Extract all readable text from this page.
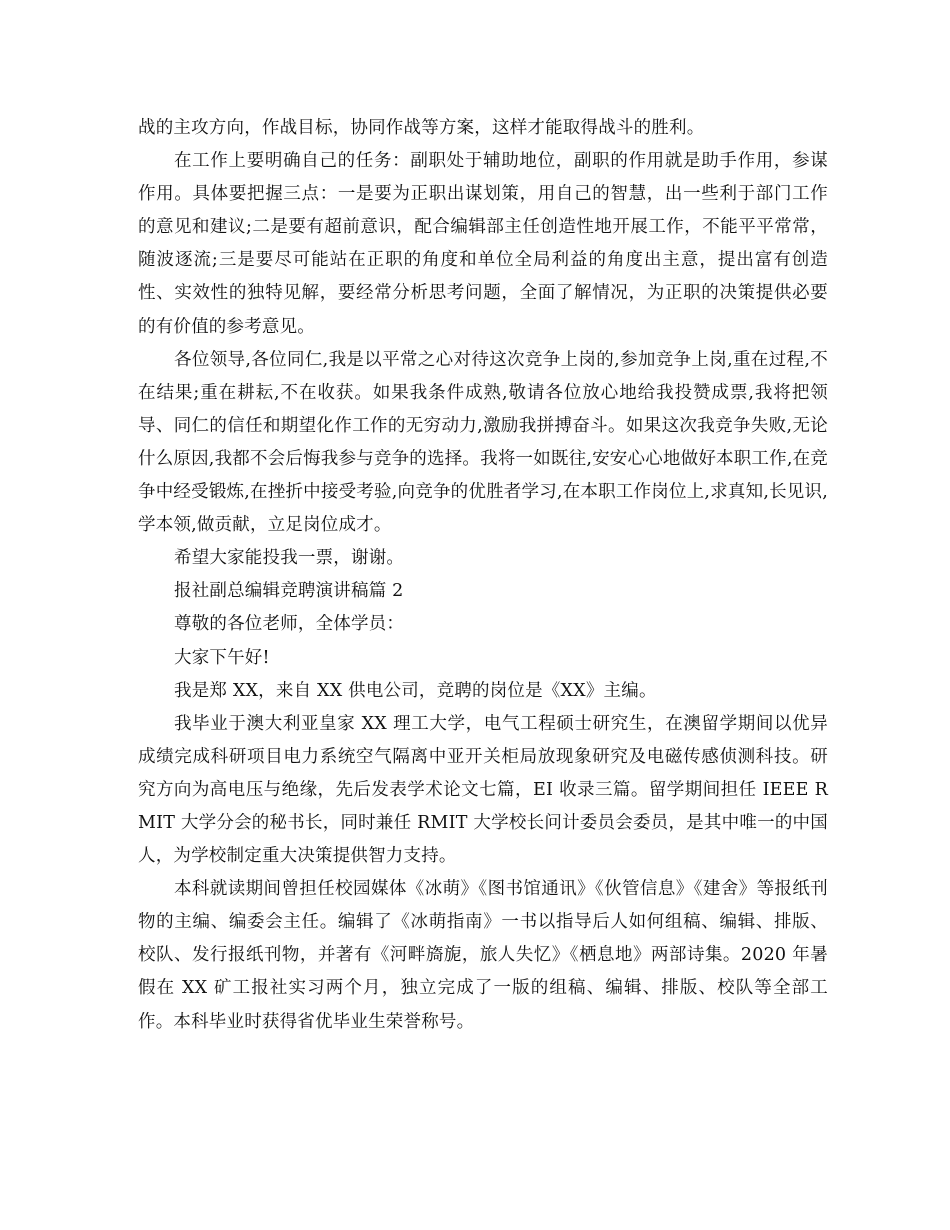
战的主攻方向，作战目标，协同作战等方案，这样才能取得战斗的胜利。

在工作上要明确自己的任务：副职处于辅助地位，副职的作用就是助手作用，参谋作用。具体要把握三点：一是要为正职出谋划策，用自己的智慧，出一些利于部门工作的意见和建议;二是要有超前意识，配合编辑部主任创造性地开展工作，不能平平常常，随波逐流;三是要尽可能站在正职的角度和单位全局利益的角度出主意，提出富有创造性、实效性的独特见解，要经常分析思考问题，全面了解情况，为正职的决策提供必要的有价值的参考意见。

各位领导,各位同仁,我是以平常之心对待这次竞争上岗的,参加竞争上岗,重在过程,不在结果;重在耕耘,不在收获。如果我条件成熟,敬请各位放心地给我投赞成票,我将把领导、同仁的信任和期望化作工作的无穷动力,激励我拼搏奋斗。如果这次我竞争失败,无论什么原因,我都不会后悔我参与竞争的选择。我将一如既往,安安心心地做好本职工作,在竞争中经受锻炼,在挫折中接受考验,向竞争的优胜者学习,在本职工作岗位上,求真知,长见识,学本领,做贡献，立足岗位成才。

希望大家能投我一票，谢谢。

报社副总编辑竞聘演讲稿篇 2

尊敬的各位老师，全体学员：

大家下午好!

我是郑 XX，来自 XX 供电公司，竞聘的岗位是《XX》主编。

我毕业于澳大利亚皇家 XX 理工大学，电气工程硕士研究生，在澳留学期间以优异成绩完成科研项目电力系统空气隔离中亚开关柜局放现象研究及电磁传感侦测科技。研究方向为高电压与绝缘，先后发表学术论文七篇，EI 收录三篇。留学期间担任 IEEE RMIT 大学分会的秘书长，同时兼任 RMIT 大学校长问计委员会委员，是其中唯一的中国人，为学校制定重大决策提供智力支持。

本科就读期间曾担任校园媒体《冰萌》《图书馆通讯》《伙管信息》《建舍》等报纸刊物的主编、编委会主任。编辑了《冰萌指南》一书以指导后人如何组稿、编辑、排版、校队、发行报纸刊物，并著有《河畔旖旎，旅人失忆》《栖息地》两部诗集。2020 年暑假在 XX 矿工报社实习两个月，独立完成了一版的组稿、编辑、排版、校队等全部工作。本科毕业时获得省优毕业生荣誉称号。
